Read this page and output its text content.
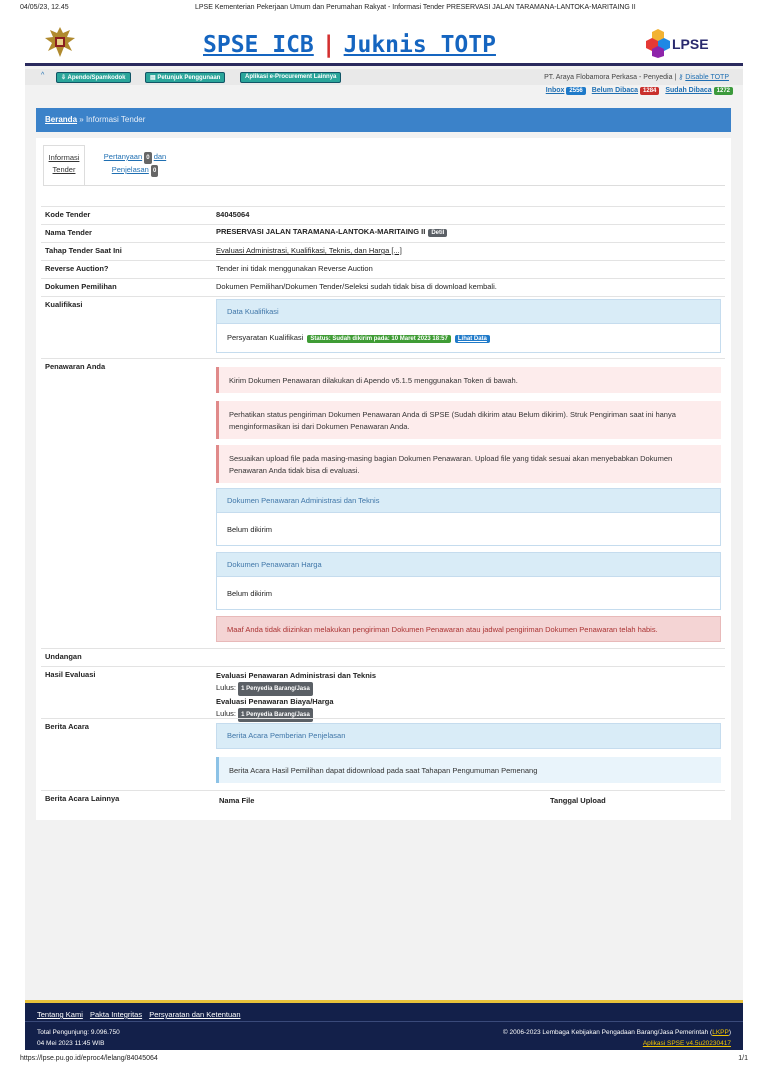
04/05/23, 12.45	LPSE Kementerian Pekerjaan Umum dan Perumahan Rakyat - Informasi Tender PRESERVASI JALAN TARAMANA-LANTOKA-MARITAING II
SPSE ICB | Juknis TOTP	LPSE
^	⇩ Apendo/Spamkodok	▤ Petunjuk Penggunaan	Aplikasi e-Procurement Lainnya	PT. Araya Flobamora Perkasa - Penyedia | ⚷ Disable TOTP
Inbox 2556 Belum Dibaca 1284 Sudah Dibaca 1272
Beranda » Informasi Tender
Informasi
Tender
Pertanyaan 0 dan
Penjelasan 0
Kode Tender	84045064
Nama Tender	PRESERVASI JALAN TARAMANA-LANTOKA-MARITAING II Detil
Tahap Tender Saat Ini	Evaluasi Administrasi, Kualifikasi, Teknis, dan Harga [...]
Reverse Auction?	Tender ini tidak menggunakan Reverse Auction
Dokumen Pemilihan	Dokumen Pemilihan/Dokumen Tender/Seleksi sudah tidak bisa di download kembali.
Kualifikasi
Data Kualifikasi
Persyaratan Kualifikasi Status: Sudah dikirim pada: 10 Maret 2023 18:57 Lihat Data
Penawaran Anda
Kirim Dokumen Penawaran dilakukan di Apendo v5.1.5 menggunakan Token di bawah.
Perhatikan status pengiriman Dokumen Penawaran Anda di SPSE (Sudah dikirim atau Belum dikirim). Struk Pengiriman saat ini hanya menginformasikan isi dari Dokumen Penawaran Anda.
Sesuaikan upload file pada masing-masing bagian Dokumen Penawaran. Upload file yang tidak sesuai akan menyebabkan Dokumen Penawaran Anda tidak bisa di evaluasi.
Dokumen Penawaran Administrasi dan Teknis
Belum dikirim
Dokumen Penawaran Harga
Belum dikirim
Maaf Anda tidak diizinkan melakukan pengiriman Dokumen Penawaran atau jadwal pengiriman Dokumen Penawaran telah habis.
Undangan
Hasil Evaluasi	Evaluasi Penawaran Administrasi dan Teknis
Lulus: 1 Penyedia Barang/Jasa
Evaluasi Penawaran Biaya/Harga
Lulus: 1 Penyedia Barang/Jasa
Berita Acara
Berita Acara Pemberian Penjelasan
Berita Acara Hasil Pemilihan dapat didownload pada saat Tahapan Pengumuman Pemenang
Berita Acara Lainnya	Nama File	Tanggal Upload
Tentang Kami Pakta Integritas Persyaratan dan Ketentuan
Total Pengunjung: 9.096.750
04 Mei 2023 11:45 WIB
© 2006-2023 Lembaga Kebijakan Pengadaan Barang/Jasa Pemerintah (LKPP)
Aplikasi SPSE v4.5u20230417
https://lpse.pu.go.id/eproc4/lelang/84045064	1/1
